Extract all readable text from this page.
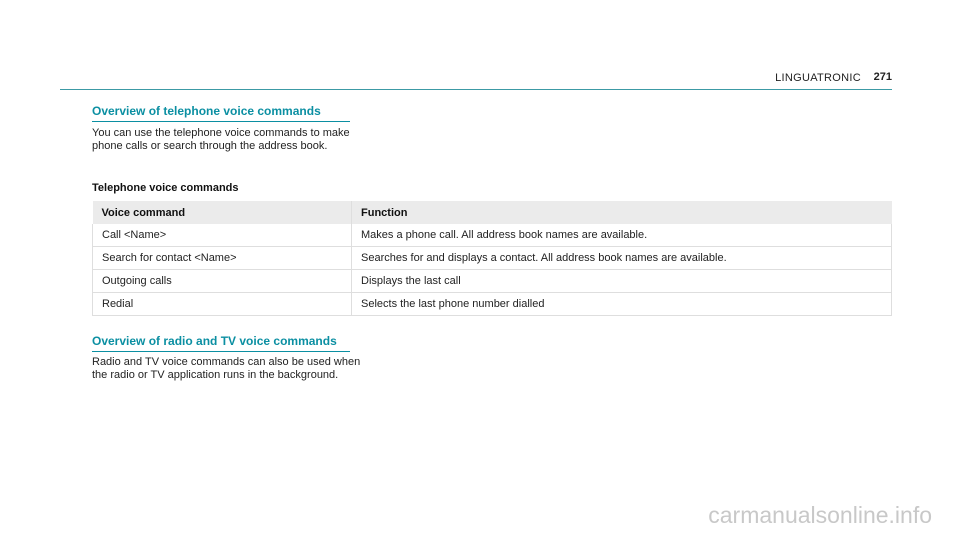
LINGUATRONIC 271
Overview of telephone voice commands
You can use the telephone voice commands to make phone calls or search through the address book.
Telephone voice commands
Voice command	Function
Call <Name>	Makes a phone call. All address book names are available.
Search for contact <Name>	Searches for and displays a contact. All address book names are available.
Outgoing calls	Displays the last call
Redial	Selects the last phone number dialled
Overview of radio and TV voice commands
Radio and TV voice commands can also be used when the radio or TV application runs in the background.
carmanualsonline.info
